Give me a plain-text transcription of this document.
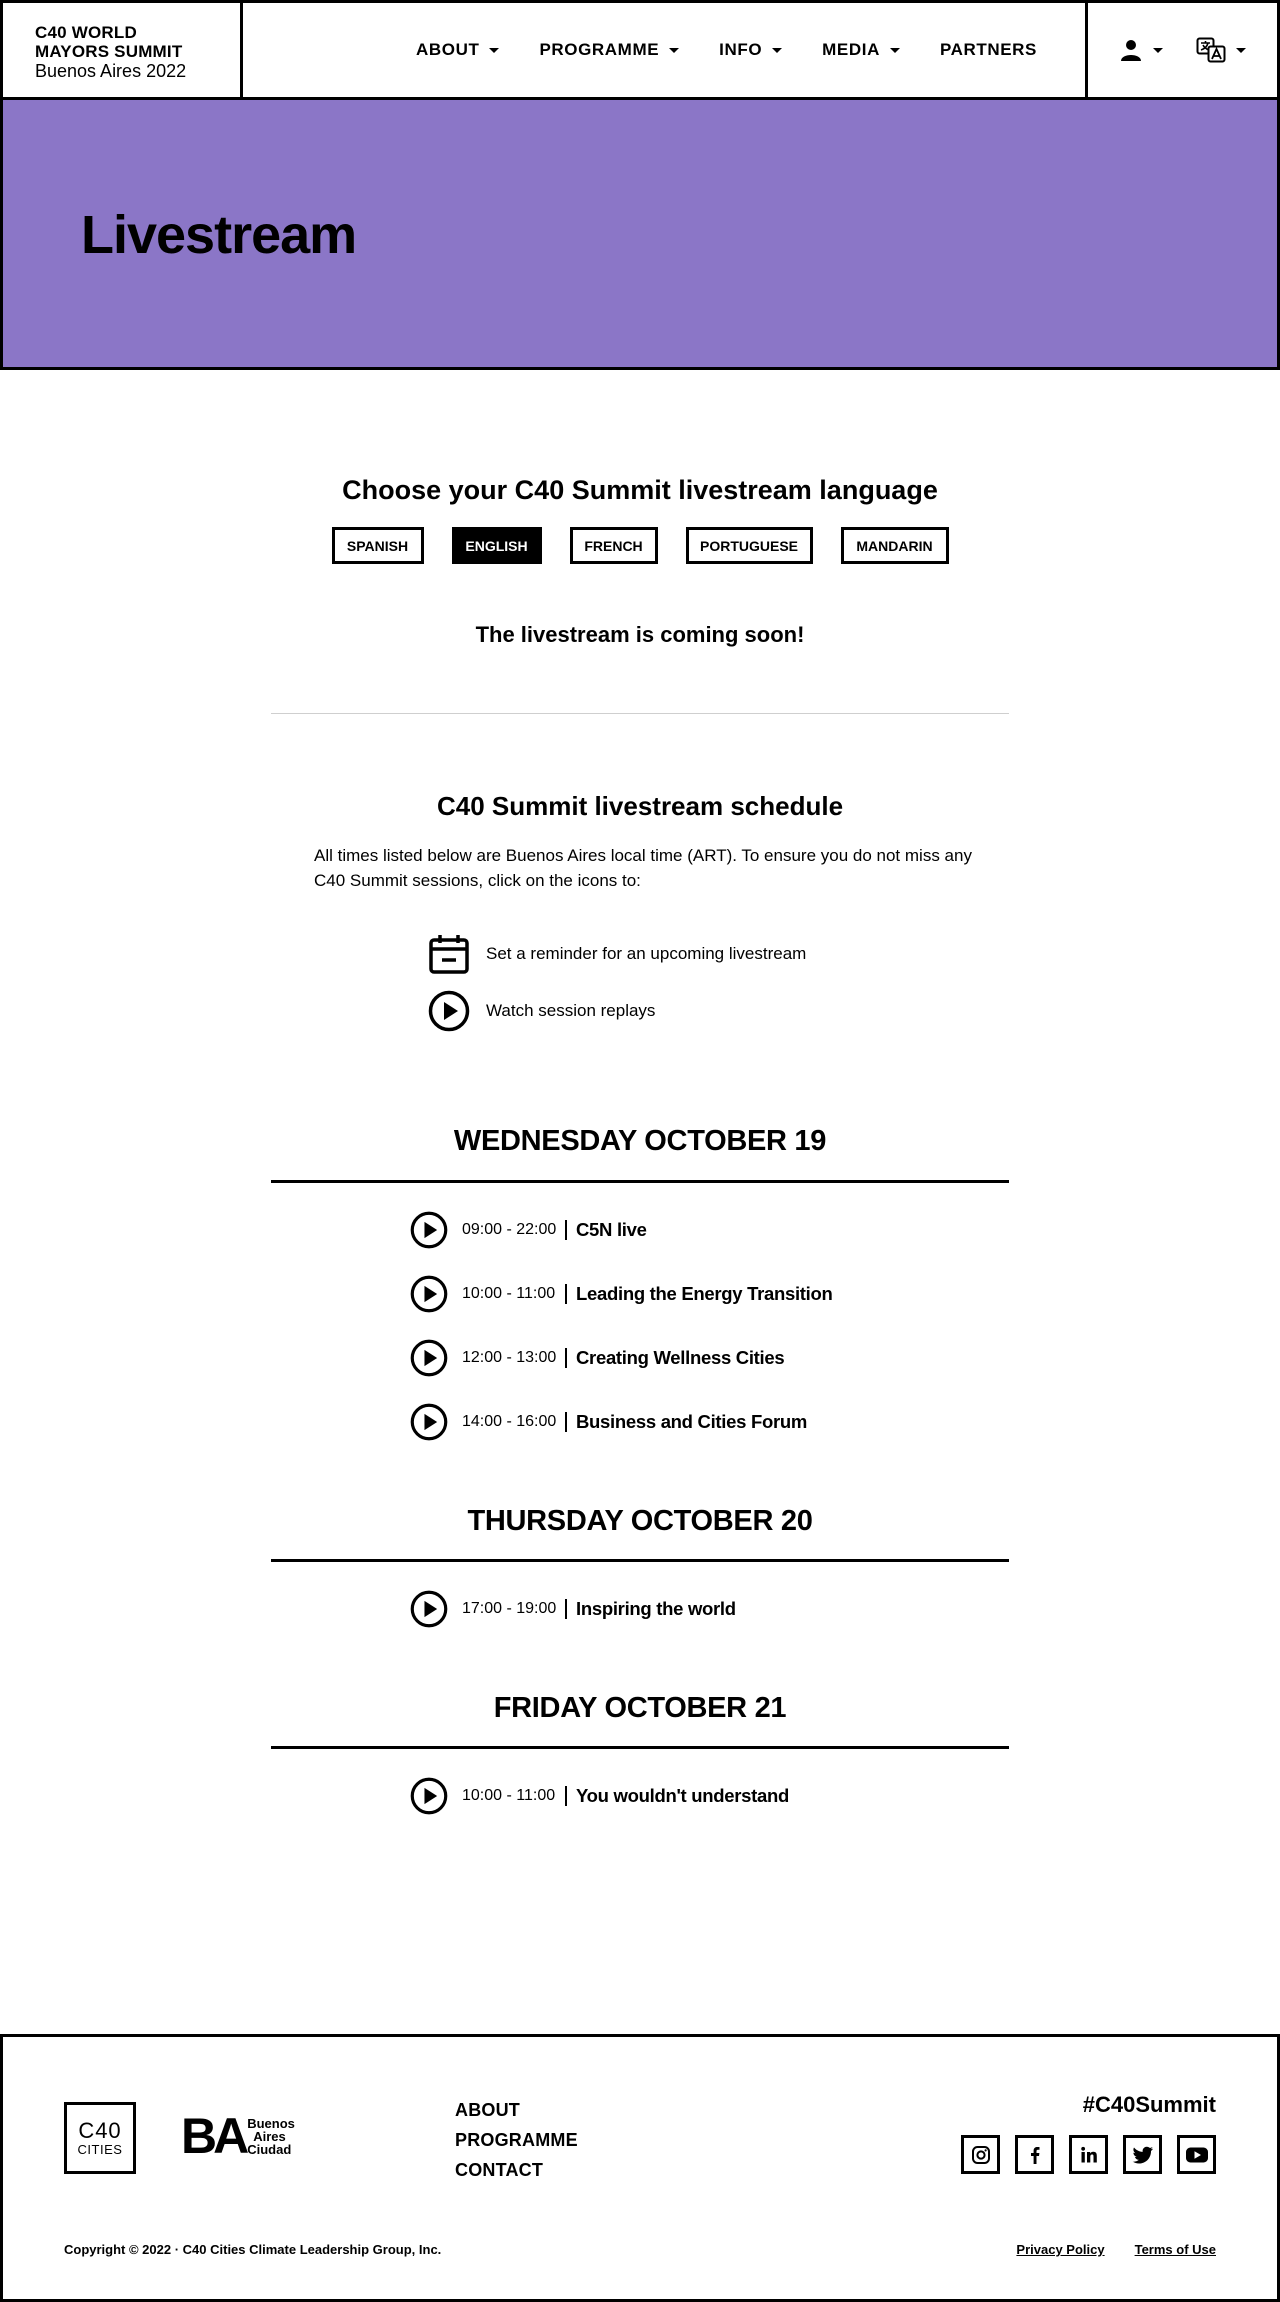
C40 WORLD
MAYORS SUMMIT
Buenos Aires 2022
ABOUT	PROGRAMME	INFO	MEDIA	PARTNERS
Livestream
Choose your C40 Summit livestream language
SPANISH	ENGLISH	FRENCH	PORTUGUESE	MANDARIN
The livestream is coming soon!
C40 Summit livestream schedule
All times listed below are Buenos Aires local time (ART). To ensure you do not miss any C40 Summit sessions, click on the icons to:
Set a reminder for an upcoming livestream
Watch session replays
WEDNESDAY OCTOBER 19
09:00 - 22:00	C5N live
10:00 - 11:00	Leading the Energy Transition
12:00 - 13:00	Creating Wellness Cities
14:00 - 16:00	Business and Cities Forum
THURSDAY OCTOBER 20
17:00 - 19:00	Inspiring the world
FRIDAY OCTOBER 21
10:00 - 11:00	You wouldn't understand
C40
CITIES BA Buenos
Aires
Ciudad
ABOUT
PROGRAMME
CONTACT
#C40Summit
Copyright © 2022 · C40 Cities Climate Leadership Group, Inc.	Privacy Policy Terms of Use
